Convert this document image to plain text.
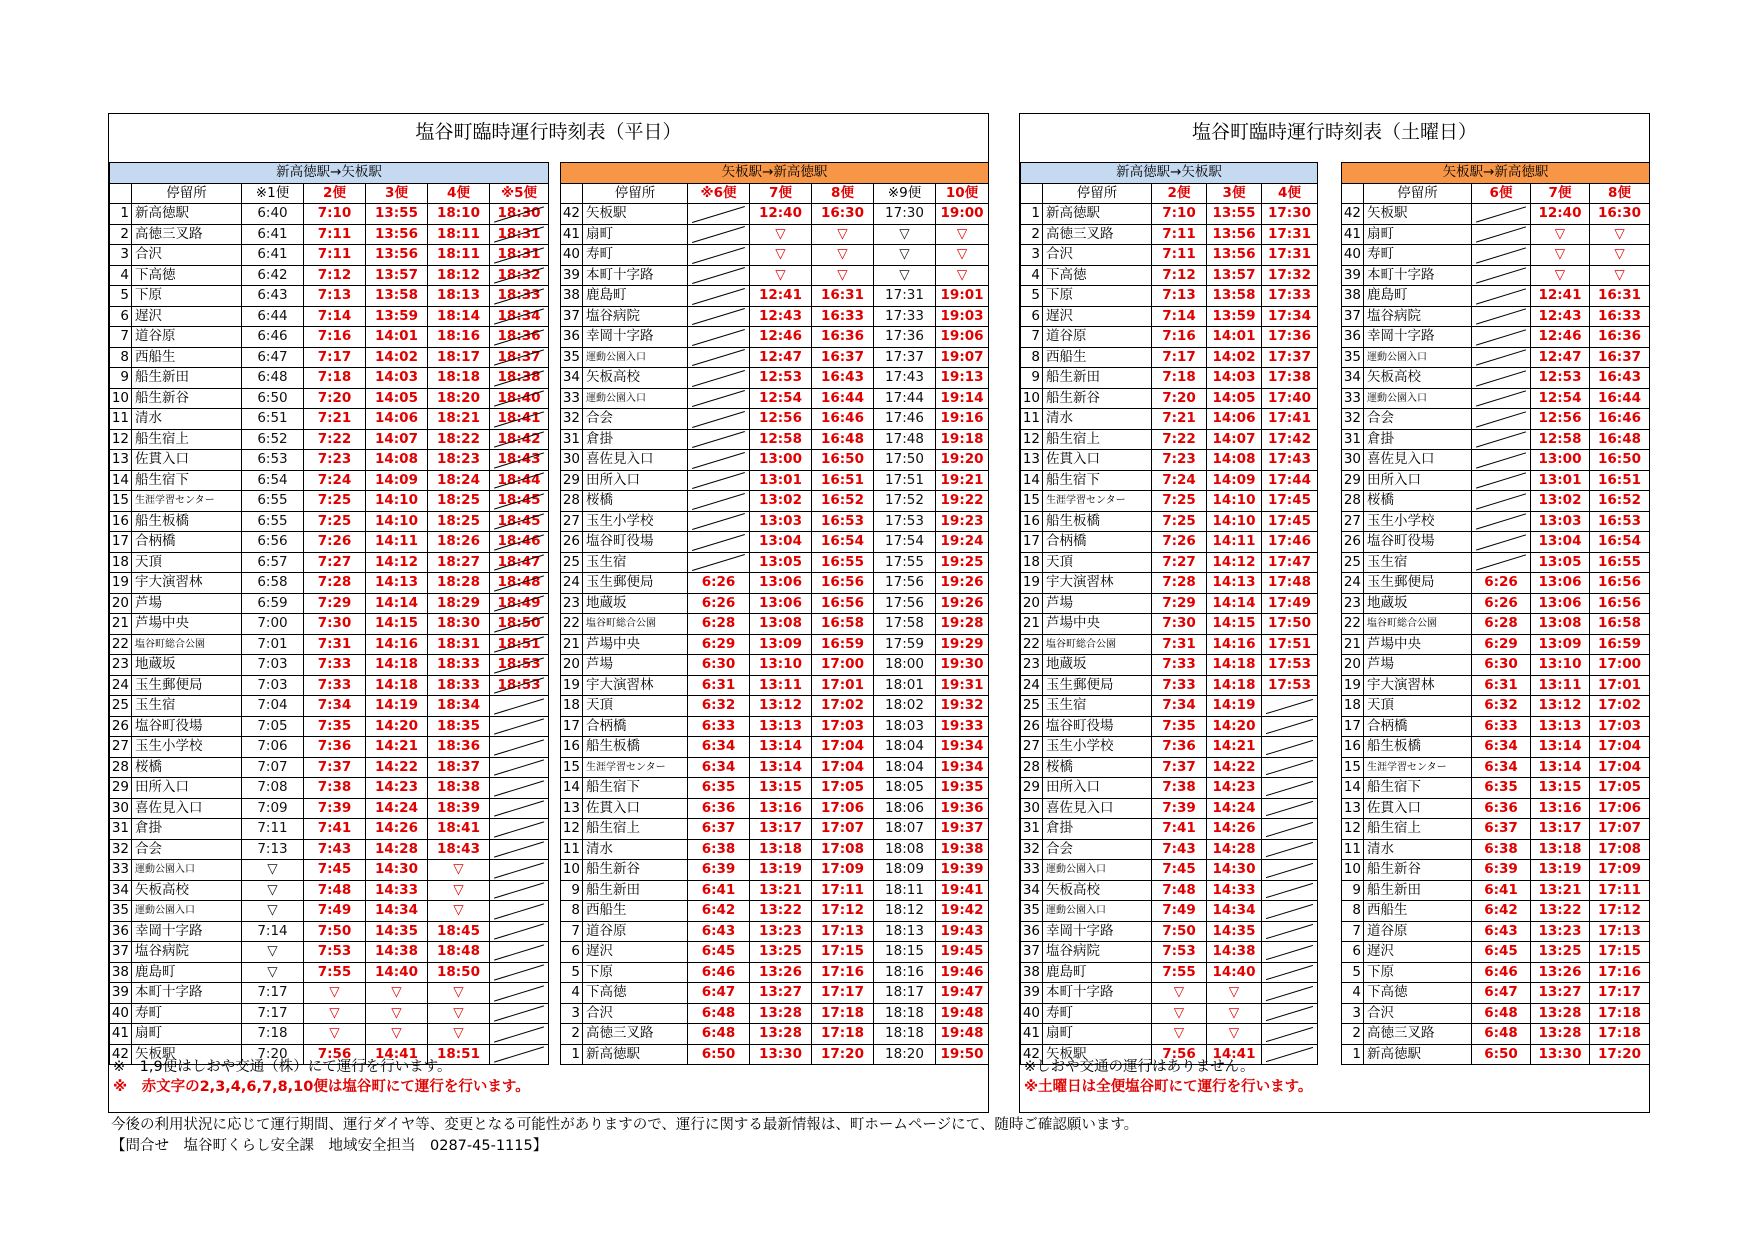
塩谷町臨時運行時刻表（平日）
新高徳駅→矢板駅						
	停留所	※1便	2便	3便	4便	※5便
1	新高徳駅	6:40	7:10	13:55	18:10	18:30
2	高徳三叉路	6:41	7:11	13:56	18:11	18:31
3	合沢	6:41	7:11	13:56	18:11	18:31
4	下高徳	6:42	7:12	13:57	18:12	18:32
5	下原	6:43	7:13	13:58	18:13	18:33
6	遅沢	6:44	7:14	13:59	18:14	18:34
7	道谷原	6:46	7:16	14:01	18:16	18:36
8	西船生	6:47	7:17	14:02	18:17	18:37
9	船生新田	6:48	7:18	14:03	18:18	18:38
10	船生新谷	6:50	7:20	14:05	18:20	18:40
11	清水	6:51	7:21	14:06	18:21	18:41
12	船生宿上	6:52	7:22	14:07	18:22	18:42
13	佐貫入口	6:53	7:23	14:08	18:23	18:43
14	船生宿下	6:54	7:24	14:09	18:24	18:44
15	生涯学習センター	6:55	7:25	14:10	18:25	18:45
16	船生板橋	6:55	7:25	14:10	18:25	18:45
17	合柄橋	6:56	7:26	14:11	18:26	18:46
18	天頂	6:57	7:27	14:12	18:27	18:47
19	宇大演習林	6:58	7:28	14:13	18:28	18:48
20	芦場	6:59	7:29	14:14	18:29	18:49
21	芦場中央	7:00	7:30	14:15	18:30	18:50
22	塩谷町総合公園	7:01	7:31	14:16	18:31	18:51
23	地蔵坂	7:03	7:33	14:18	18:33	18:53
24	玉生郵便局	7:03	7:33	14:18	18:33	18:53
25	玉生宿	7:04	7:34	14:19	18:34	
26	塩谷町役場	7:05	7:35	14:20	18:35	
27	玉生小学校	7:06	7:36	14:21	18:36	
28	桜橋	7:07	7:37	14:22	18:37	
29	田所入口	7:08	7:38	14:23	18:38	
30	喜佐見入口	7:09	7:39	14:24	18:39	
31	倉掛	7:11	7:41	14:26	18:41	
32	合会	7:13	7:43	14:28	18:43	
33	運動公園入口	▽	7:45	14:30	▽	
34	矢板高校	▽	7:48	14:33	▽	
35	運動公園入口	▽	7:49	14:34	▽	
36	幸岡十字路	7:14	7:50	14:35	18:45	
37	塩谷病院	▽	7:53	14:38	18:48	
38	鹿島町	▽	7:55	14:40	18:50	
39	本町十字路	7:17	▽	▽	▽	
40	寿町	7:17	▽	▽	▽	
41	扇町	7:18	▽	▽	▽	
42	矢板駅	7:20	7:56	14:41	18:51	
矢板駅→新高徳駅						
	停留所	※6便	7便	8便	※9便	10便
42	矢板駅		12:40	16:30	17:30	19:00
41	扇町		▽	▽	▽	▽
40	寿町		▽	▽	▽	▽
39	本町十字路		▽	▽	▽	▽
38	鹿島町		12:41	16:31	17:31	19:01
37	塩谷病院		12:43	16:33	17:33	19:03
36	幸岡十字路		12:46	16:36	17:36	19:06
35	運動公園入口		12:47	16:37	17:37	19:07
34	矢板高校		12:53	16:43	17:43	19:13
33	運動公園入口		12:54	16:44	17:44	19:14
32	合会		12:56	16:46	17:46	19:16
31	倉掛		12:58	16:48	17:48	19:18
30	喜佐見入口		13:00	16:50	17:50	19:20
29	田所入口		13:01	16:51	17:51	19:21
28	桜橋		13:02	16:52	17:52	19:22
27	玉生小学校		13:03	16:53	17:53	19:23
26	塩谷町役場		13:04	16:54	17:54	19:24
25	玉生宿		13:05	16:55	17:55	19:25
24	玉生郵便局	6:26	13:06	16:56	17:56	19:26
23	地蔵坂	6:26	13:06	16:56	17:56	19:26
22	塩谷町総合公園	6:28	13:08	16:58	17:58	19:28
21	芦場中央	6:29	13:09	16:59	17:59	19:29
20	芦場	6:30	13:10	17:00	18:00	19:30
19	宇大演習林	6:31	13:11	17:01	18:01	19:31
18	天頂	6:32	13:12	17:02	18:02	19:32
17	合柄橋	6:33	13:13	17:03	18:03	19:33
16	船生板橋	6:34	13:14	17:04	18:04	19:34
15	生涯学習センター	6:34	13:14	17:04	18:04	19:34
14	船生宿下	6:35	13:15	17:05	18:05	19:35
13	佐貫入口	6:36	13:16	17:06	18:06	19:36
12	船生宿上	6:37	13:17	17:07	18:07	19:37
11	清水	6:38	13:18	17:08	18:08	19:38
10	船生新谷	6:39	13:19	17:09	18:09	19:39
9	船生新田	6:41	13:21	17:11	18:11	19:41
8	西船生	6:42	13:22	17:12	18:12	19:42
7	道谷原	6:43	13:23	17:13	18:13	19:43
6	遅沢	6:45	13:25	17:15	18:15	19:45
5	下原	6:46	13:26	17:16	18:16	19:46
4	下高徳	6:47	13:27	17:17	18:17	19:47
3	合沢	6:48	13:28	17:18	18:18	19:48
2	高徳三叉路	6:48	13:28	17:18	18:18	19:48
1	新高徳駅	6:50	13:30	17:20	18:20	19:50
※　1,9便はしおや交通（株）にて運行を行います。
※　赤文字の2,3,4,6,7,8,10便は塩谷町にて運行を行います。
塩谷町臨時運行時刻表（土曜日）
新高徳駅→矢板駅				
	停留所	2便	3便	4便
1	新高徳駅	7:10	13:55	17:30
2	高徳三叉路	7:11	13:56	17:31
3	合沢	7:11	13:56	17:31
4	下高徳	7:12	13:57	17:32
5	下原	7:13	13:58	17:33
6	遅沢	7:14	13:59	17:34
7	道谷原	7:16	14:01	17:36
8	西船生	7:17	14:02	17:37
9	船生新田	7:18	14:03	17:38
10	船生新谷	7:20	14:05	17:40
11	清水	7:21	14:06	17:41
12	船生宿上	7:22	14:07	17:42
13	佐貫入口	7:23	14:08	17:43
14	船生宿下	7:24	14:09	17:44
15	生涯学習センター	7:25	14:10	17:45
16	船生板橋	7:25	14:10	17:45
17	合柄橋	7:26	14:11	17:46
18	天頂	7:27	14:12	17:47
19	宇大演習林	7:28	14:13	17:48
20	芦場	7:29	14:14	17:49
21	芦場中央	7:30	14:15	17:50
22	塩谷町総合公園	7:31	14:16	17:51
23	地蔵坂	7:33	14:18	17:53
24	玉生郵便局	7:33	14:18	17:53
25	玉生宿	7:34	14:19	
26	塩谷町役場	7:35	14:20	
27	玉生小学校	7:36	14:21	
28	桜橋	7:37	14:22	
29	田所入口	7:38	14:23	
30	喜佐見入口	7:39	14:24	
31	倉掛	7:41	14:26	
32	合会	7:43	14:28	
33	運動公園入口	7:45	14:30	
34	矢板高校	7:48	14:33	
35	運動公園入口	7:49	14:34	
36	幸岡十字路	7:50	14:35	
37	塩谷病院	7:53	14:38	
38	鹿島町	7:55	14:40	
39	本町十字路	▽	▽	
40	寿町	▽	▽	
41	扇町	▽	▽	
42	矢板駅	7:56	14:41	
矢板駅→新高徳駅				
	停留所	6便	7便	8便
42	矢板駅		12:40	16:30
41	扇町		▽	▽
40	寿町		▽	▽
39	本町十字路		▽	▽
38	鹿島町		12:41	16:31
37	塩谷病院		12:43	16:33
36	幸岡十字路		12:46	16:36
35	運動公園入口		12:47	16:37
34	矢板高校		12:53	16:43
33	運動公園入口		12:54	16:44
32	合会		12:56	16:46
31	倉掛		12:58	16:48
30	喜佐見入口		13:00	16:50
29	田所入口		13:01	16:51
28	桜橋		13:02	16:52
27	玉生小学校		13:03	16:53
26	塩谷町役場		13:04	16:54
25	玉生宿		13:05	16:55
24	玉生郵便局	6:26	13:06	16:56
23	地蔵坂	6:26	13:06	16:56
22	塩谷町総合公園	6:28	13:08	16:58
21	芦場中央	6:29	13:09	16:59
20	芦場	6:30	13:10	17:00
19	宇大演習林	6:31	13:11	17:01
18	天頂	6:32	13:12	17:02
17	合柄橋	6:33	13:13	17:03
16	船生板橋	6:34	13:14	17:04
15	生涯学習センター	6:34	13:14	17:04
14	船生宿下	6:35	13:15	17:05
13	佐貫入口	6:36	13:16	17:06
12	船生宿上	6:37	13:17	17:07
11	清水	6:38	13:18	17:08
10	船生新谷	6:39	13:19	17:09
9	船生新田	6:41	13:21	17:11
8	西船生	6:42	13:22	17:12
7	道谷原	6:43	13:23	17:13
6	遅沢	6:45	13:25	17:15
5	下原	6:46	13:26	17:16
4	下高徳	6:47	13:27	17:17
3	合沢	6:48	13:28	17:18
2	高徳三叉路	6:48	13:28	17:18
1	新高徳駅	6:50	13:30	17:20
※しおや交通の運行はありません。
※土曜日は全便塩谷町にて運行を行います。
今後の利用状況に応じて運行期間、運行ダイヤ等、変更となる可能性がありますので、運行に関する最新情報は、町ホームページにて、随時ご確認願います。
【問合せ　塩谷町くらし安全課　地域安全担当　0287-45-1115】
